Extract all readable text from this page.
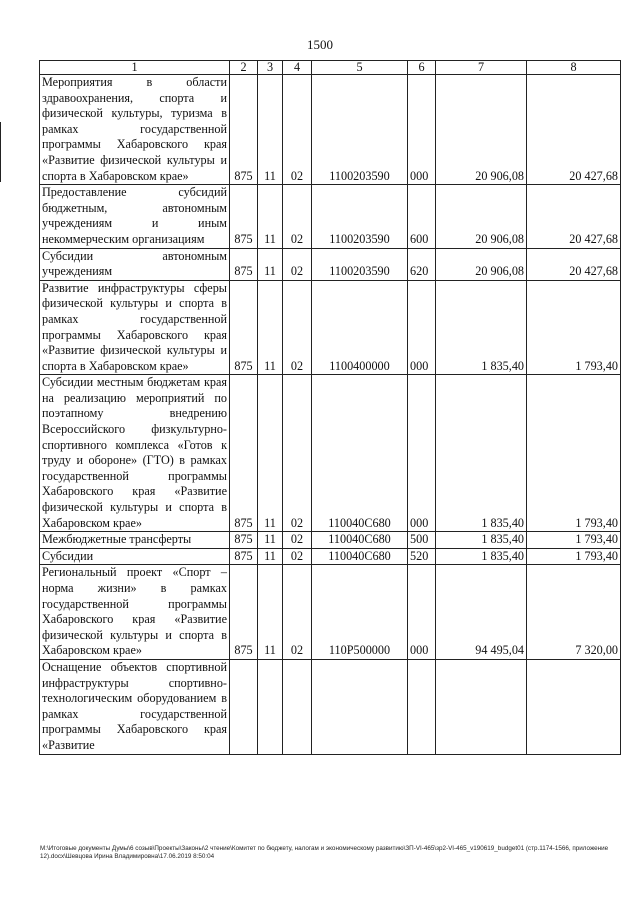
1500
1	2	3	4	5	6	7	8
Мероприятия в области здравоохранения, спорта и физической культуры, туризма в рамках государственной программы Хабаровского края «Развитие физической культуры и спорта в Хабаровском крае»	875	11	02	1100203590	000	20 906,08	20 427,68
Предоставление субсидий бюджетным, автономным учреждениям и иным некоммерческим организациям	875	11	02	1100203590	600	20 906,08	20 427,68
Субсидии автономным учреждениям	875	11	02	1100203590	620	20 906,08	20 427,68
Развитие инфраструктуры сферы физической культуры и спорта в рамках государственной программы Хабаровского края «Развитие физической культуры и спорта в Хабаровском крае»	875	11	02	1100400000	000	1 835,40	1 793,40
Субсидии местным бюджетам края на реализацию мероприятий по поэтапному внедрению Всероссийского физкультурно-спортивного комплекса «Готов к труду и обороне» (ГТО) в рамках государственной программы Хабаровского края «Развитие физической культуры и спорта в Хабаровском крае»	875	11	02	110040С680	000	1 835,40	1 793,40
Межбюджетные трансферты	875	11	02	110040С680	500	1 835,40	1 793,40
Субсидии	875	11	02	110040С680	520	1 835,40	1 793,40
Региональный проект «Спорт – норма жизни» в рамках государственной программы Хабаровского края «Развитие физической культуры и спорта в Хабаровском крае»	875	11	02	110Р500000	000	94 495,04	7 320,00
Оснащение объектов спортивной инфраструктуры спортивно-технологическим оборудованием в рамках государственной программы Хабаровского края «Развитие							
M:\Итоговые документы Думы\6 созыв\Проекты\Законы\2 чтение\Комитет по бюджету, налогам и экономическому развитию\ЗП-VI-465\зр2-VI-465_v190619_budget01 (стр.1174-1566, приложение 12).docx\Шевцова Ирина Владимировна\17.06.2019 8:50:04
